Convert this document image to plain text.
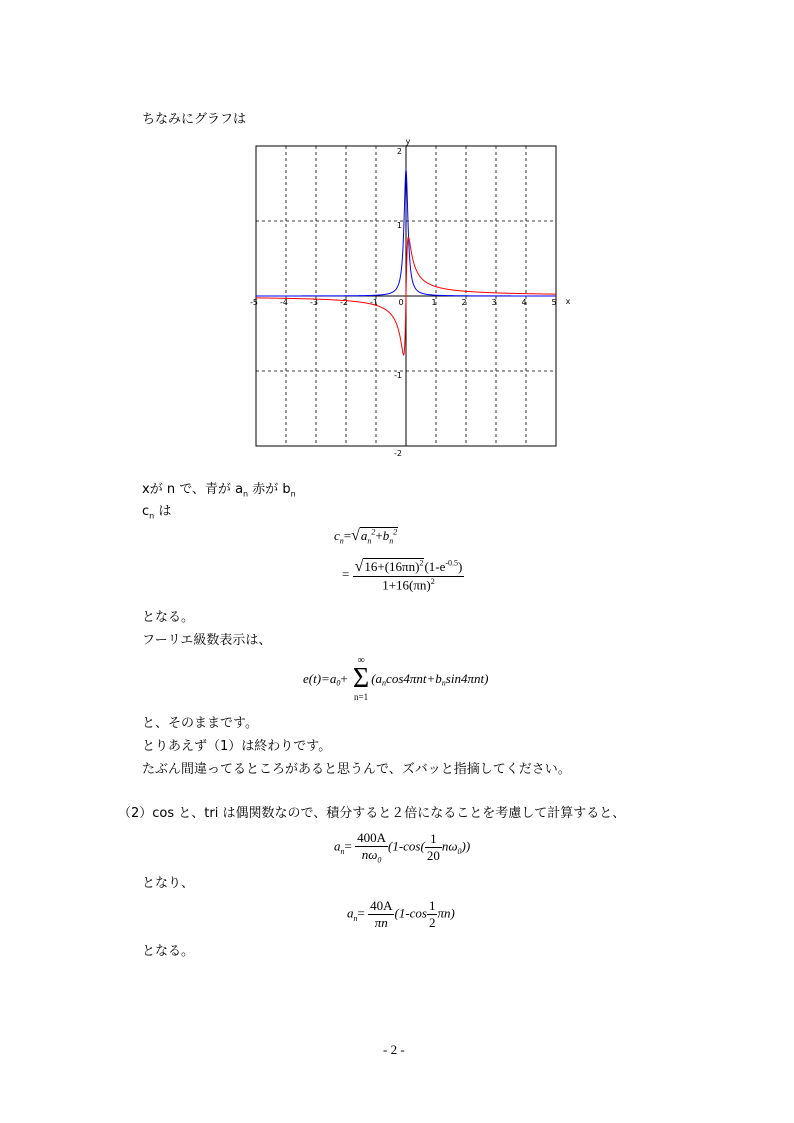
ちなみにグラフは
-5	-4	-3	-2	-1	0	1	2	3	4	5
2
1
-1
-2
x
y
xが n で、青が $a_n$ 赤が $b_n$
$c_n$ は
$c_n=√a_n^2+b_n^2$
= $\frac{√16+(16\pi n)^2(1-e^{-0.5})}{1+16(\pi n)^2}$
となる。
フーリエ級数表示は、
$e(t)=a_0+$
∞
Σ
n=1
$(a_n\cos 4\pi nt+b_n\sin 4\pi nt)$
と、そのままです。
とりあえず（1）は終わりです。
たぶん間違ってるところがあると思うんで、ズバッと指摘してください。
（2）cos と、tri は偶関数なので、積分すると２倍になることを考慮して計算すると、
$a_n= \frac{400A}{n\omega_0} (1-\cos( \frac{1}{20} n\omega_0))$
となり、
$a_n= \frac{40A}{\pi n} (1-\cos \frac{1}{2} \pi n)$
となる。
- 2 -
